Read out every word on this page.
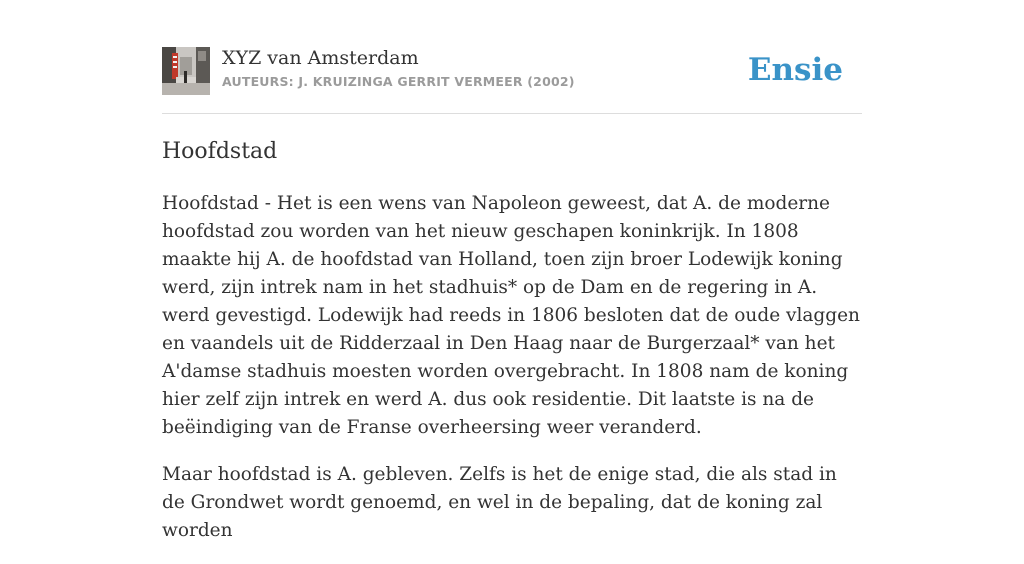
XYZ van Amsterdam
AUTEURS: J. KRUIZINGA GERRIT VERMEER (2002)	Ensie
Hoofdstad

Hoofdstad - Het is een wens van Napoleon geweest, dat A. de moderne hoofdstad zou worden van het nieuw geschapen koninkrijk. In 1808 maakte hij A. de hoofdstad van Holland, toen zijn broer Lodewijk koning werd, zijn intrek nam in het stadhuis* op de Dam en de regering in A. werd gevestigd. Lodewijk had reeds in 1806 besloten dat de oude vlaggen en vaandels uit de Ridderzaal in Den Haag naar de Burgerzaal* van het A'damse stadhuis moesten worden overgebracht. In 1808 nam de koning hier zelf zijn intrek en werd A. dus ook residentie. Dit laatste is na de beëindiging van de Franse overheersing weer veranderd.

Maar hoofdstad is A. gebleven. Zelfs is het de enige stad, die als stad in de Grondwet wordt genoemd, en wel in de bepaling, dat de koning zal worden
